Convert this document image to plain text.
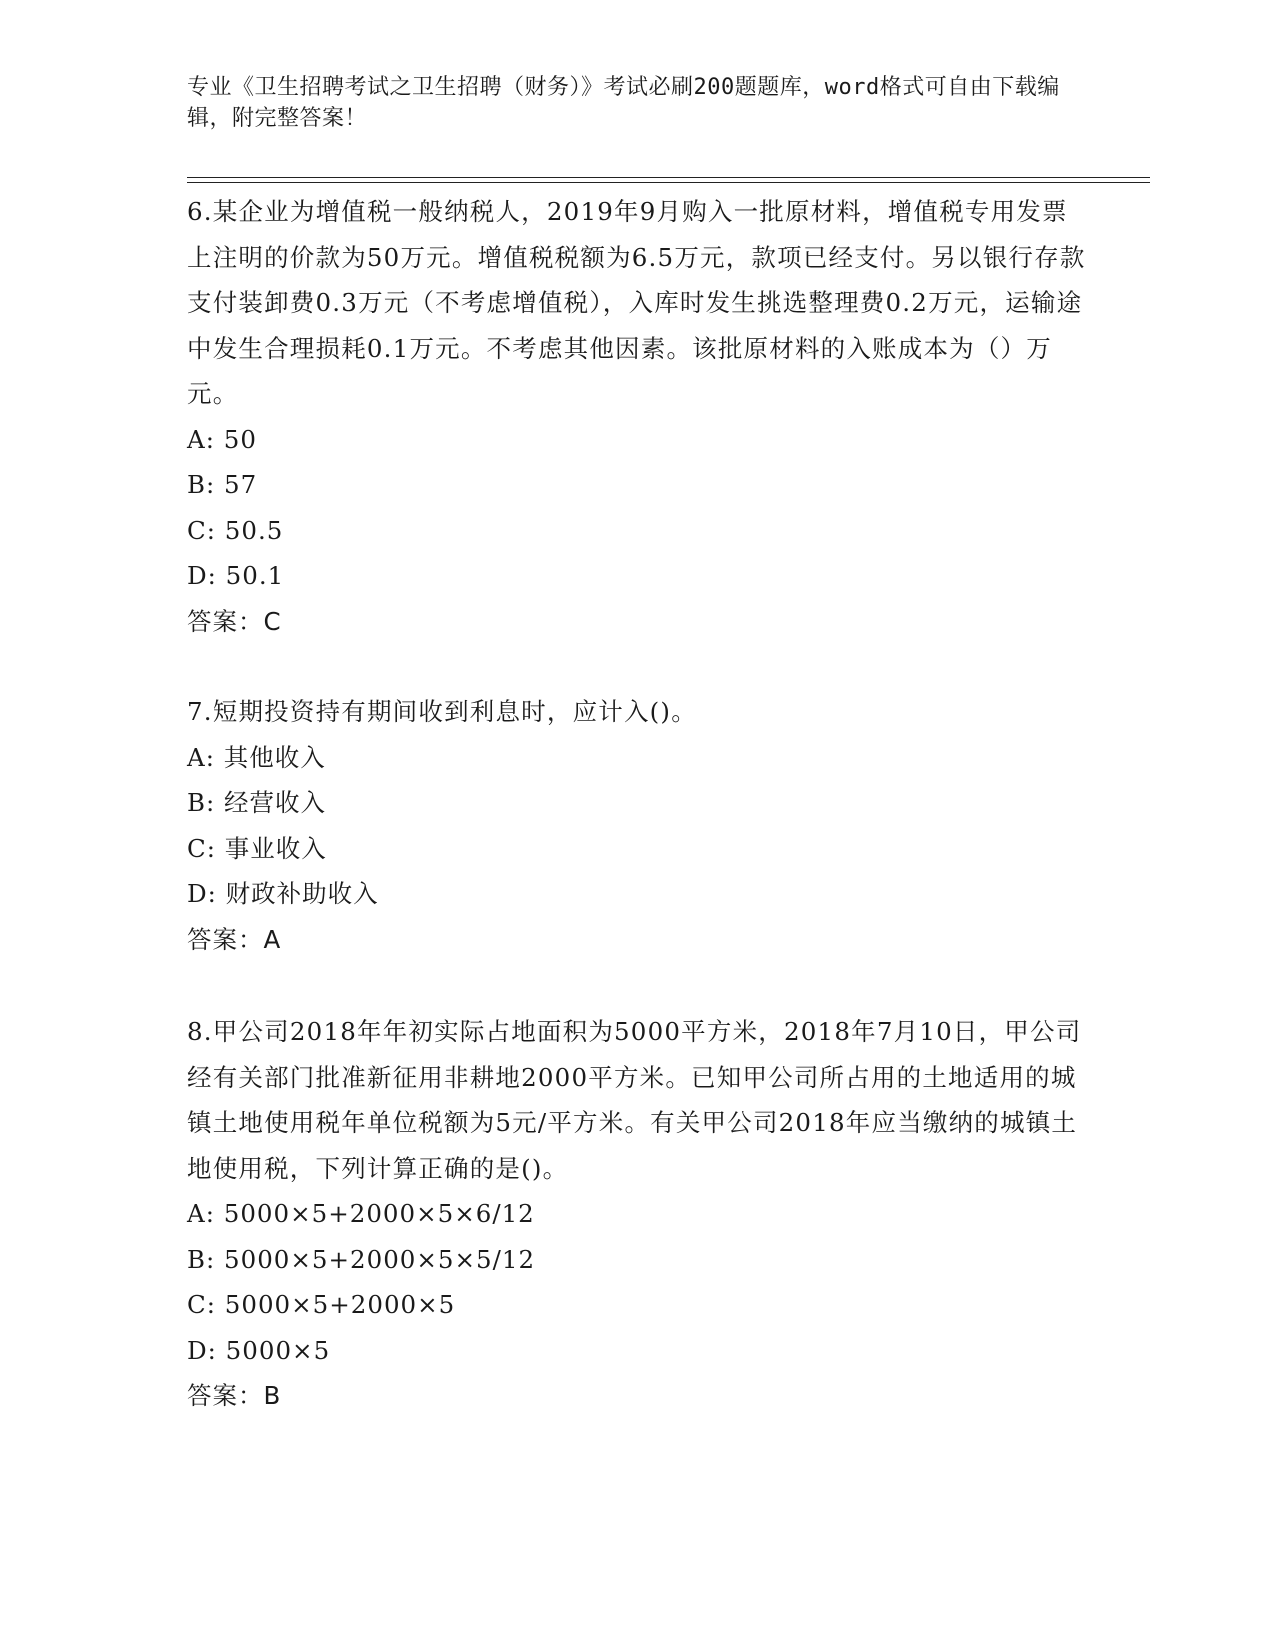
专业《卫生招聘考试之卫生招聘（财务）》考试必刷200题题库，word格式可自由下载编辑，附完整答案！

6.某企业为增值税一般纳税人，2019年9月购入一批原材料，增值税专用发票上注明的价款为50万元。增值税税额为6.5万元，款项已经支付。另以银行存款支付装卸费0.3万元（不考虑增值税），入库时发生挑选整理费0.2万元，运输途中发生合理损耗0.1万元。不考虑其他因素。该批原材料的入账成本为（）万元。

A: 50

B: 57

C: 50.5

D: 50.1

答案：C

7.短期投资持有期间收到利息时，应计入()。

A: 其他收入

B: 经营收入

C: 事业收入

D: 财政补助收入

答案：A

8.甲公司2018年年初实际占地面积为5000平方米，2018年7月10日，甲公司经有关部门批准新征用非耕地2000平方米。已知甲公司所占用的土地适用的城镇土地使用税年单位税额为5元/平方米。有关甲公司2018年应当缴纳的城镇土地使用税，下列计算正确的是()。

A: 5000×5+2000×5×6/12

B: 5000×5+2000×5×5/12

C: 5000×5+2000×5

D: 5000×5

答案：B
